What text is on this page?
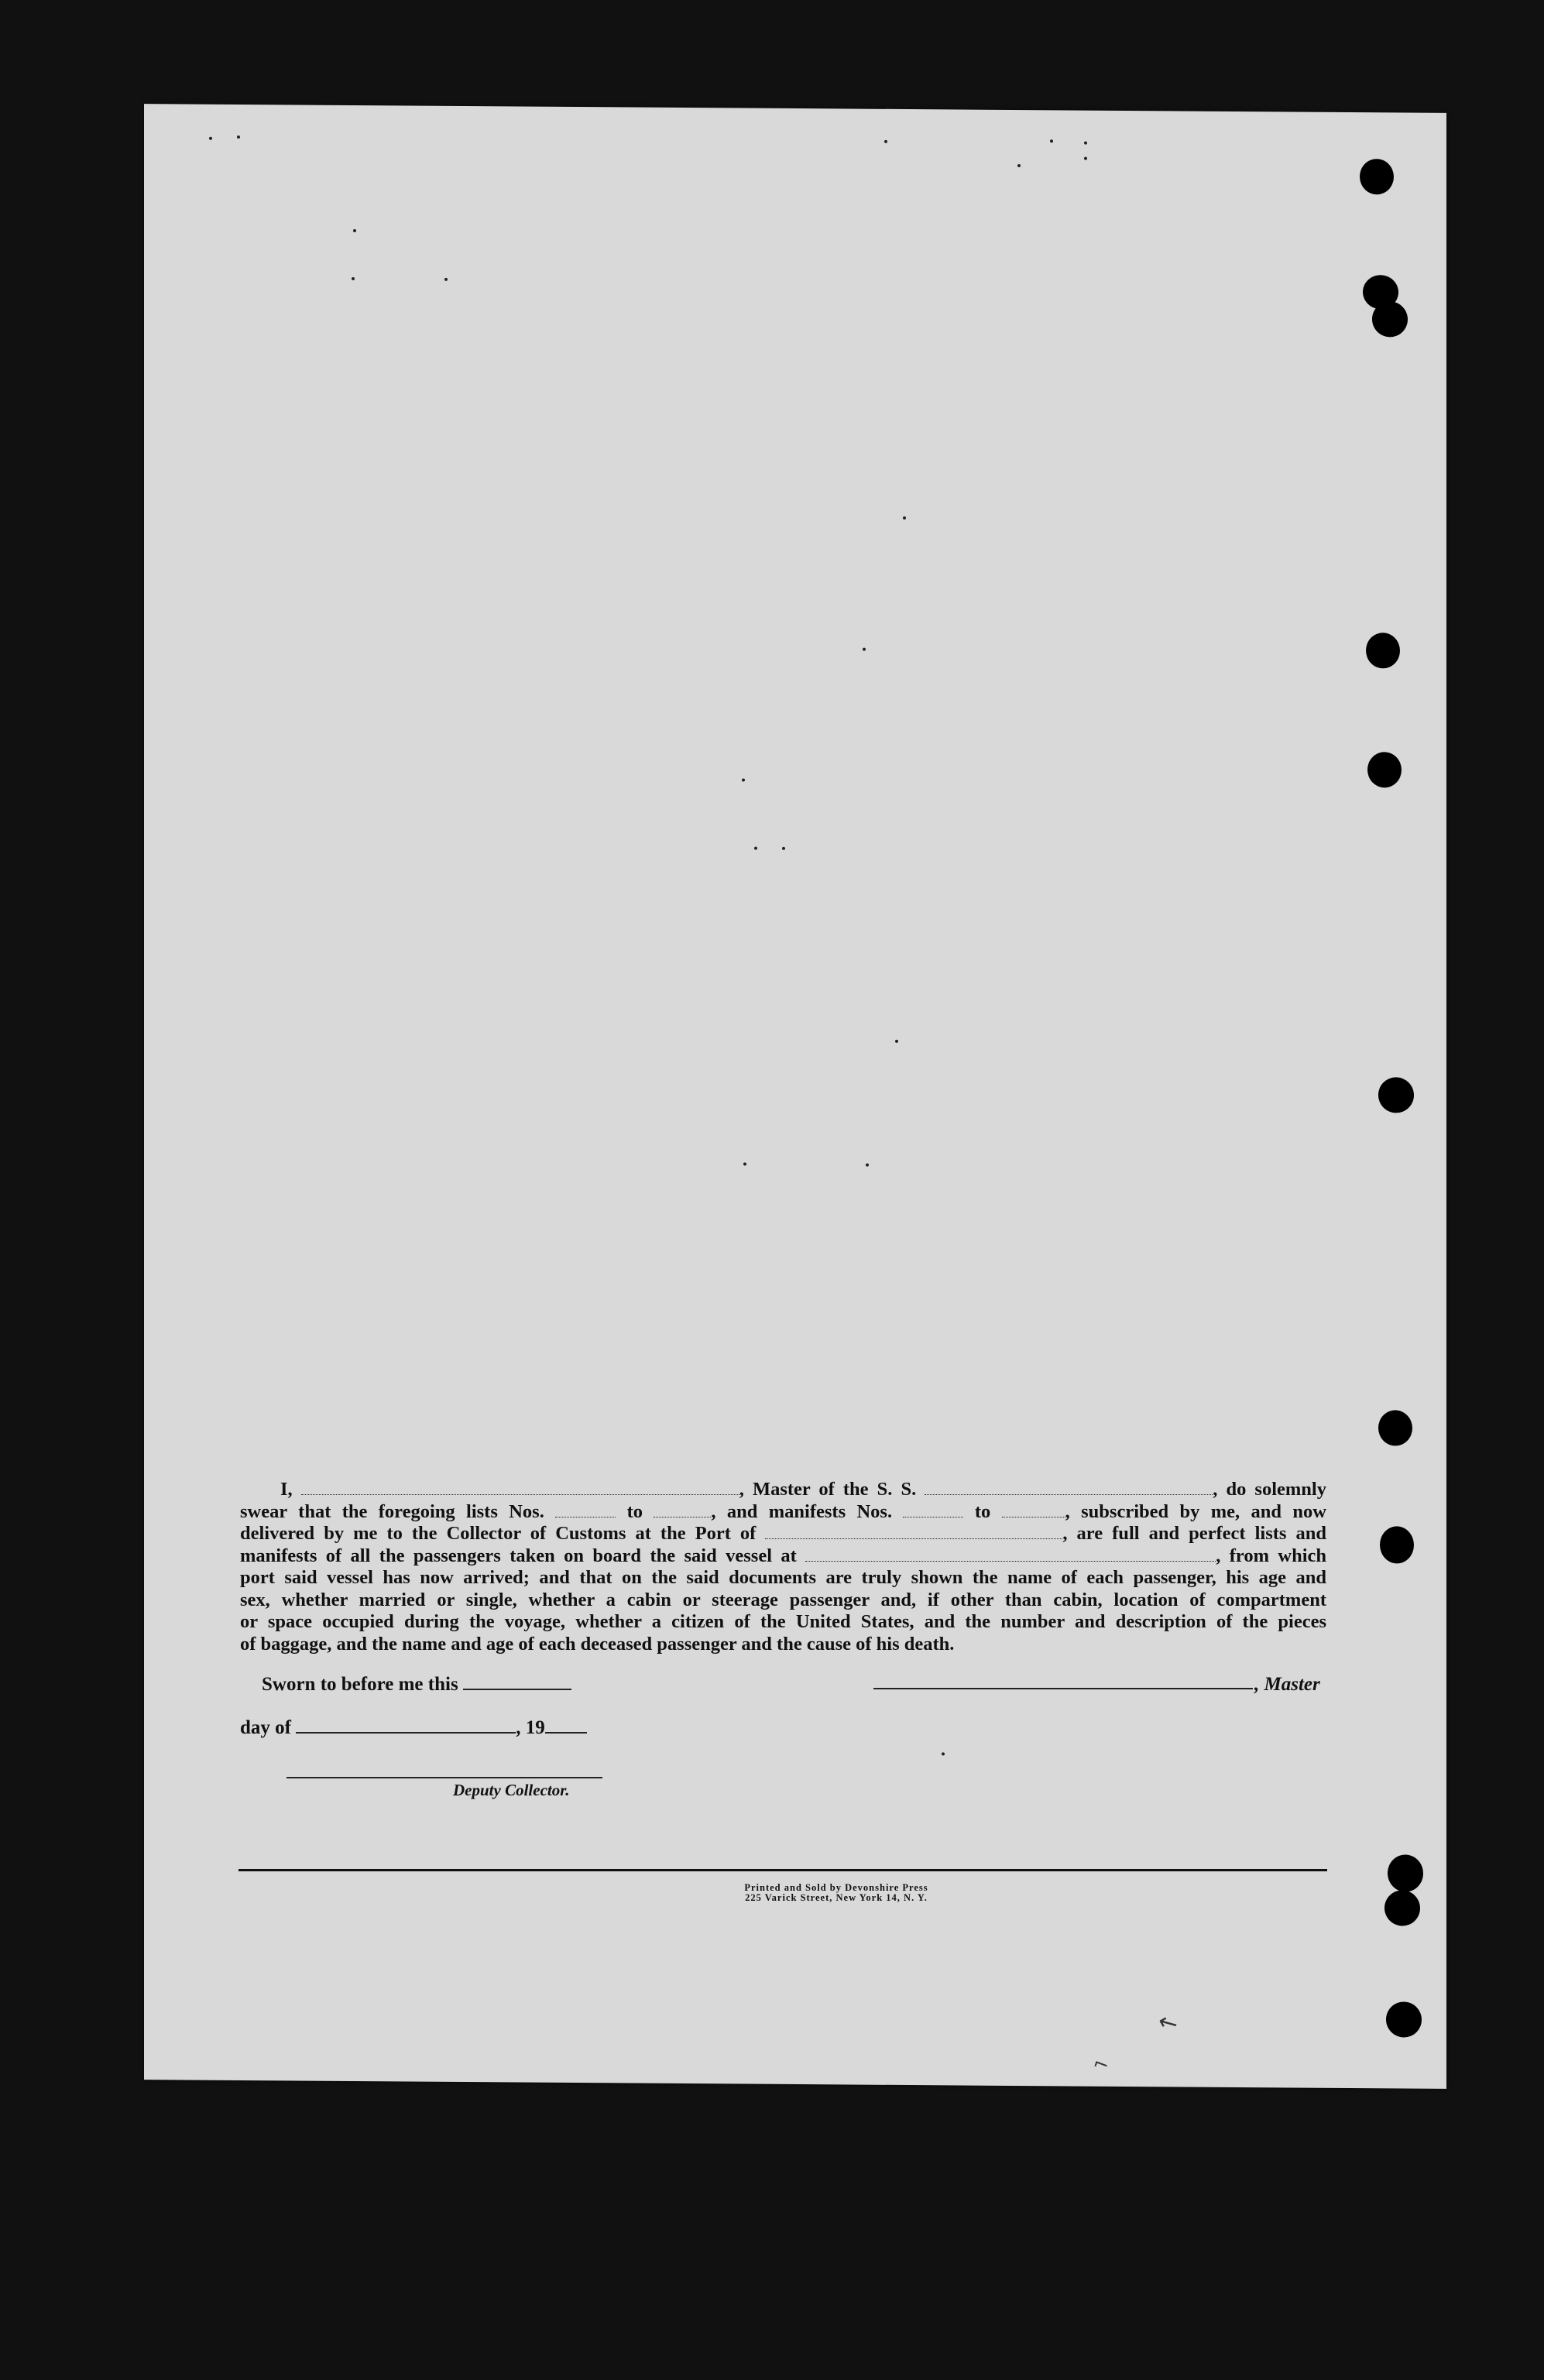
↖
⌐
I,	, Master of the S. S.	, do solemnly
swear that the foregoing lists Nos.	to	, and manifests Nos.	to	, subscribed by me, and now
delivered by me to the Collector of Customs at the Port of	, are full and perfect lists and
manifests of all the passengers taken on board the said vessel at	, from which
port said vessel has now arrived; and that on the said documents are truly shown the name of each passenger, his age and
sex, whether married or single, whether a cabin or steerage passenger and, if other than cabin, location of compartment
or space occupied during the voyage, whether a citizen of the United States, and the number and description of the pieces
of baggage, and the name and age of each deceased passenger and the cause of his death.
Sworn to before me this	, Master
day of	, 19
Deputy Collector.
Printed and Sold by Devonshire Press
225 Varick Street, New York 14, N. Y.
